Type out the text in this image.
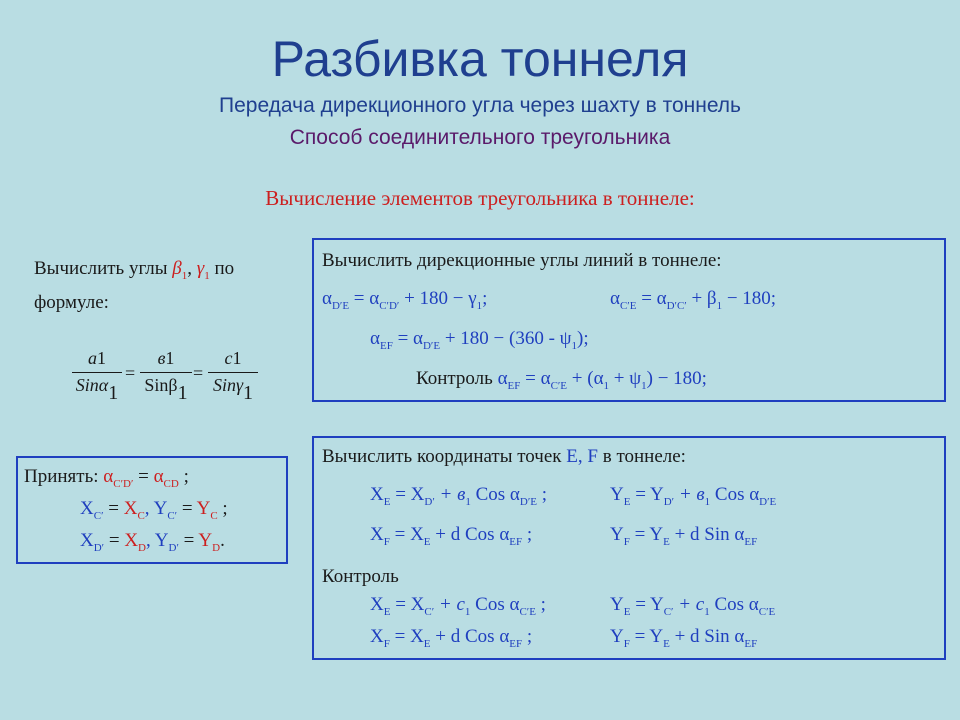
Разбивка тоннеля
Передача дирекционного угла через шахту в тоннель
Способ соединительного треугольника
Вычисление элементов треугольника в тоннеле:
Вычислить углы $\beta_1$, $\gamma_1$ по
формуле:
a1
Sinα1
=
в1
Sinβ1
=
c1
Sinγ1
Принять: $\alpha_{C'D'} = \alpha_{CD}$ ;
$X_{C'} = X_C$, $Y_{C'} = Y_C$ ;
$X_{D'} = X_D$, $Y_{D'} = Y_D$.
Вычислить дирекционные углы линий в тоннеле:
$\alpha_{D'E} = \alpha_{C'D'} + 180 - \gamma_1$;	$\alpha_{C'E} = \alpha_{D'C'} + \beta_1 - 180$;
$\alpha_{EF} = \alpha_{D'E} + 180 - (360 - \psi_1)$;
Контроль $\alpha_{EF} = \alpha_{C'E} + (\alpha_1 + \psi_1) - 180$;
Вычислить координаты точек E, F в тоннеле:
$X_E = X_{D'} + в_1$ Cos $\alpha_{D'E}$ ;	$Y_E = Y_{D'} + в_1$ Cos $\alpha_{D'E}$
$X_F = X_E + d$ Cos $\alpha_{EF}$ ;	$Y_F = Y_E + d$ Sin $\alpha_{EF}$
Контроль
$X_E = X_{C'} + c_1$ Cos $\alpha_{C'E}$ ;	$Y_E = Y_{C'} + c_1$ Cos $\alpha_{C'E}$
$X_F = X_E + d$ Cos $\alpha_{EF}$ ;	$Y_F = Y_E + d$ Sin $\alpha_{EF}$
